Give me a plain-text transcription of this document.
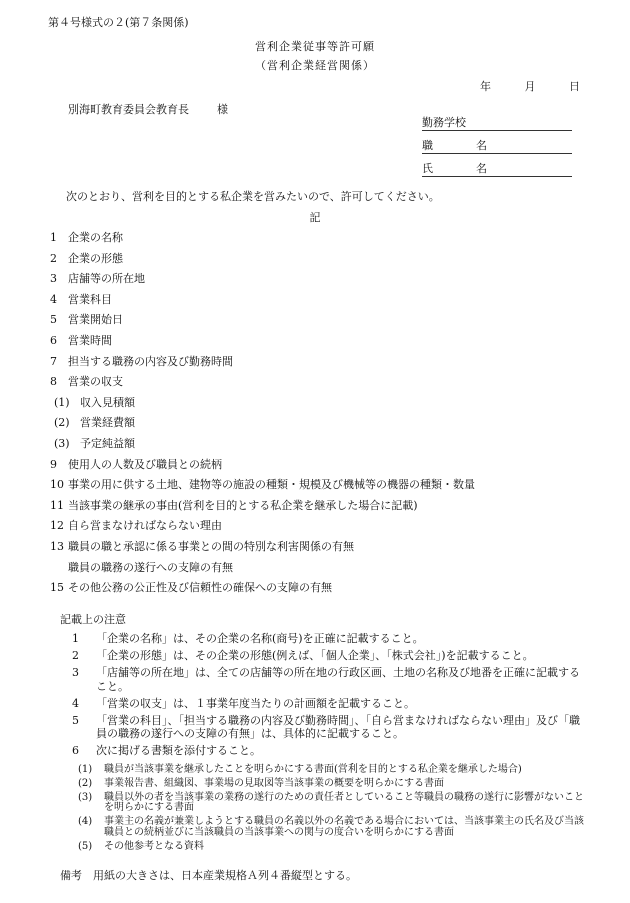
第４号様式の２(第７条関係)
営利企業従事等許可願
（営利企業経営関係）
年	月	日
別海町教育委員会教育長	様
勤務学校
職　名
氏　名
次のとおり、営利を目的とする私企業を営みたいので、許可してください。
記
1 企業の名称
2 企業の形態
3 店舗等の所在地
4 営業科目
5 営業開始日
6 営業時間
7 担当する職務の内容及び勤務時間
8 営業の収支
(1) 収入見積額
(2) 営業経費額
(3) 予定純益額
9 使用人の人数及び職員との続柄
10 事業の用に供する土地、建物等の施設の種類・規模及び機械等の機器の種類・数量
11 当該事業の継承の事由(営利を目的とする私企業を継承した場合に記載)
12 自ら営まなければならない理由
13 職員の職と承認に係る事業との間の特別な利害関係の有無
職員の職務の遂行への支障の有無
15 その他公務の公正性及び信頼性の確保への支障の有無
記載上の注意
1	「企業の名称」は、その企業の名称(商号)を正確に記載すること。
2	「企業の形態」は、その企業の形態(例えば、「個人企業」、「株式会社」)を記載すること。
3	「店舗等の所在地」は、全ての店舗等の所在地の行政区画、土地の名称及び地番を正確に記載すること。
4	「営業の収支」は、１事業年度当たりの計画額を記載すること。
5	「営業の科目」、「担当する職務の内容及び勤務時間」、「自ら営まなければならない理由」及び「職員の職務の遂行への支障の有無」は、具体的に記載すること。
6	次に掲げる書類を添付すること。
(1)	職員が当該事業を継承したことを明らかにする書面(営利を目的とする私企業を継承した場合)
(2)	事業報告書、組織図、事業場の見取図等当該事業の概要を明らかにする書面
(3)	職員以外の者を当該事業の業務の遂行のための責任者としていること等職員の職務の遂行に影響がないことを明らかにする書面
(4)	事業主の名義が兼業しようとする職員の名義以外の名義である場合においては、当該事業主の氏名及び当該職員との続柄並びに当該職員の当該事業への関与の度合いを明らかにする書面
(5)	その他参考となる資料
備考　用紙の大きさは、日本産業規格Ａ列４番縦型とする。
